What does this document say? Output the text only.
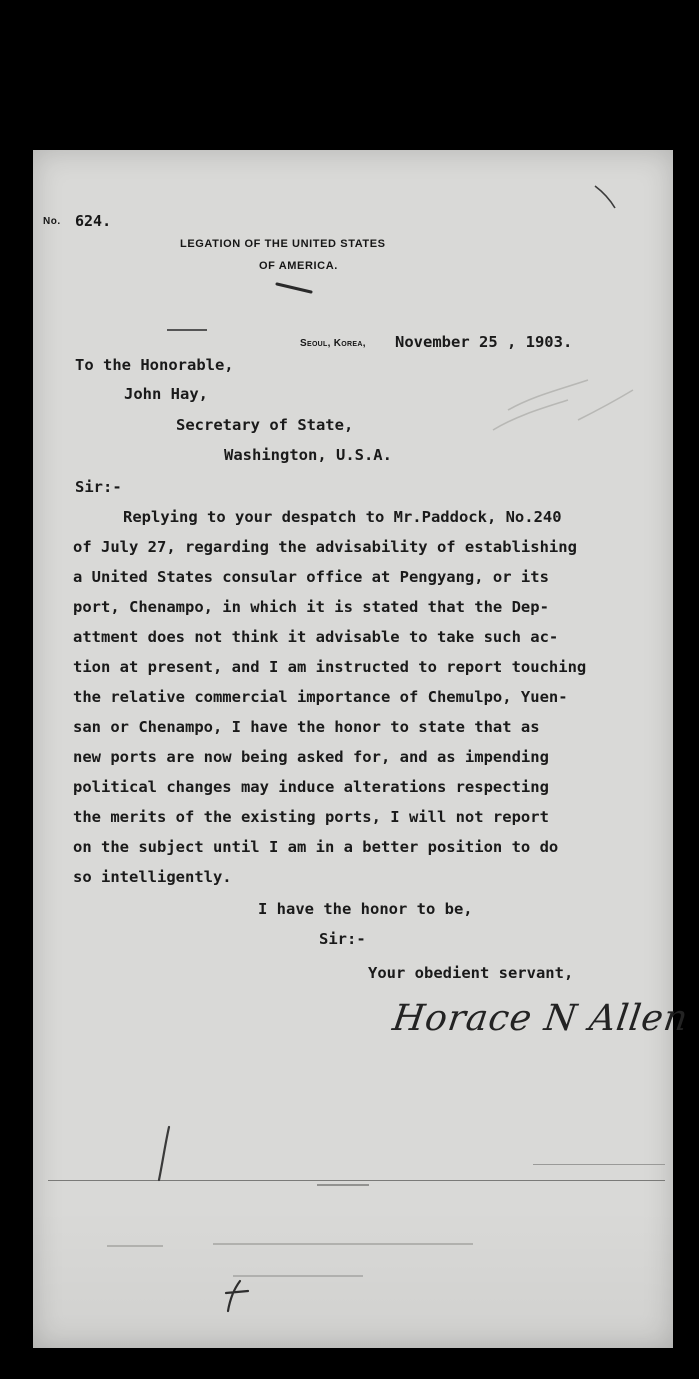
No. 624.

LEGATION OF THE UNITED STATES

OF AMERICA.

Seoul, Korea, November 25 , 1903.

To the Honorable,

John Hay,

Secretary of State,

Washington, U.S.A.

Sir:-

Replying to your despatch to Mr.Paddock, No.240
of July 27, regarding the advisability of establishing
a United States consular office at Pengyang, or its
port, Chenampo, in which it is stated that the Dep-
attment does not think it advisable to take such ac-
tion at present, and I am instructed to report touching
the relative commercial importance of Chemulpo, Yuen-
san or Chenampo, I have the honor to state that as
new ports are now being asked for, and as impending
political changes may induce alterations respecting
the merits of the existing ports, I will not report
on the subject until I am in a better position to do
so intelligently.

I have the honor to be,

Sir:-

Your obedient servant,

Horace N Allen
